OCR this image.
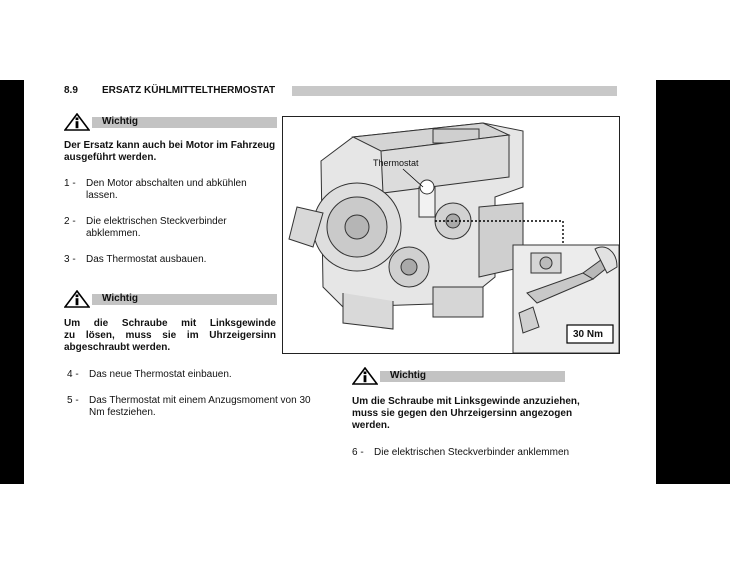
8.9 ERSATZ KÜHLMITTELTHERMOSTAT
Wichtig
Der Ersatz kann auch bei Motor im Fahrzeug
ausgeführt werden.
1 - Den Motor abschalten und abkühlen
lassen.
2 - Die elektrischen Steckverbinder
abklemmen.
3 - Das Thermostat ausbauen.
Wichtig
Um die Schraube mit Linksgewinde
zu lösen, muss sie im Uhrzeigersinn
abgeschraubt werden.
4 - Das neue Thermostat einbauen.
5 - Das Thermostat mit einem Anzugsmoment von 30
Nm festziehen.
Thermostat
30 Nm
Wichtig
Um die Schraube mit Linksgewinde anzuziehen,
muss sie gegen den Uhrzeigersinn angezogen
werden.
6 - Die elektrischen Steckverbinder anklemmen
